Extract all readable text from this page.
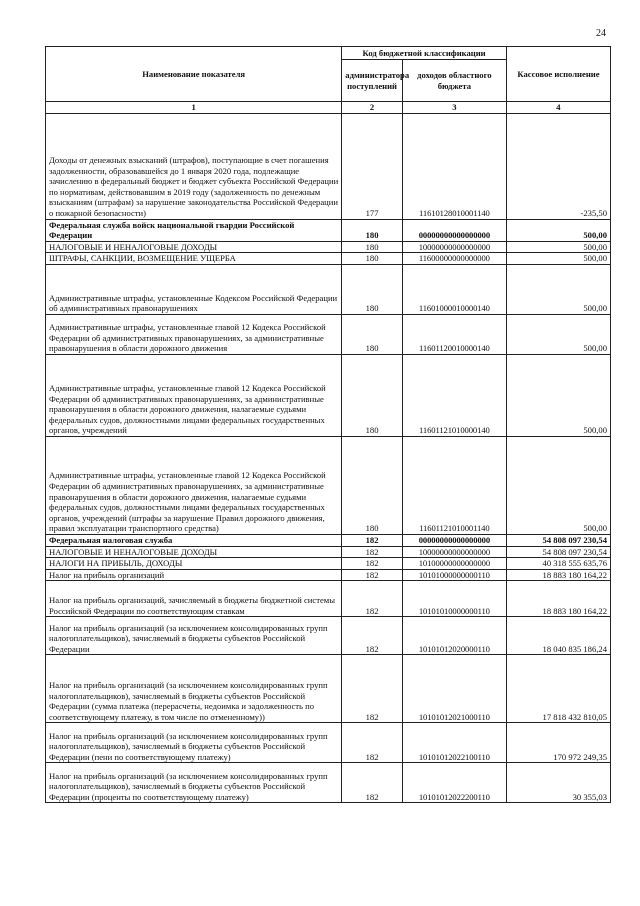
24
Наименование показателя	Код бюджетной классификации		Кассовое исполнение
	администратора поступлений	доходов областного бюджета	
1	2	3	4
Доходы от денежных взысканий (штрафов), поступающие в счет погашения задолженности, образовавшейся до 1 января 2020 года, подлежащие зачислению в федеральный бюджет и бюджет субъекта Российской Федерации по нормативам, действовавшим в 2019 году (задолженность по денежным взысканиям (штрафам) за нарушение законодательства Российской Федерации о пожарной безопасности)	177	11610128010001140	-235,50
Федеральная служба войск национальной гвардии Российской Федерации	180	00000000000000000	500,00
НАЛОГОВЫЕ И НЕНАЛОГОВЫЕ ДОХОДЫ	180	10000000000000000	500,00
ШТРАФЫ, САНКЦИИ, ВОЗМЕЩЕНИЕ УЩЕРБА	180	11600000000000000	500,00
Административные штрафы, установленные Кодексом Российской Федерации об административных правонарушениях	180	11601000010000140	500,00
Административные штрафы, установленные главой 12 Кодекса Российской Федерации об административных правонарушениях, за административные правонарушения в области дорожного движения	180	11601120010000140	500,00
Административные штрафы, установленные главой 12 Кодекса Российской Федерации об административных правонарушениях, за административные правонарушения в области дорожного движения, налагаемые судьями федеральных судов, должностными лицами федеральных государственных органов, учреждений	180	11601121010000140	500,00
Административные штрафы, установленные главой 12 Кодекса Российской Федерации об административных правонарушениях, за административные правонарушения в области дорожного движения, налагаемые судьями федеральных судов, должностными лицами федеральных государственных органов, учреждений (штрафы за нарушение Правил дорожного движения, правил эксплуатации транспортного средства)	180	11601121010001140	500,00
Федеральная налоговая служба	182	00000000000000000	54 808 097 230,54
НАЛОГОВЫЕ И НЕНАЛОГОВЫЕ ДОХОДЫ	182	10000000000000000	54 808 097 230,54
НАЛОГИ НА ПРИБЫЛЬ, ДОХОДЫ	182	10100000000000000	40 318 555 635,76
Налог на прибыль организаций	182	10101000000000110	18 883 180 164,22
Налог на прибыль организаций, зачисляемый в бюджеты бюджетной системы Российской Федерации по соответствующим ставкам	182	10101010000000110	18 883 180 164,22
Налог на прибыль организаций (за исключением консолидированных групп налогоплательщиков), зачисляемый в бюджеты субъектов Российской Федерации	182	10101012020000110	18 040 835 186,24
Налог на прибыль организаций (за исключением консолидированных групп налогоплательщиков), зачисляемый в бюджеты субъектов Российской Федерации (сумма платежа (перерасчеты, недоимка и задолженность по соответствующему платежу, в том числе по отмененному))	182	10101012021000110	17 818 432 810,05
Налог на прибыль организаций (за исключением консолидированных групп налогоплательщиков), зачисляемый в бюджеты субъектов Российской Федерации (пени по соответствующему платежу)	182	10101012022100110	170 972 249,35
Налог на прибыль организаций (за исключением консолидированных групп налогоплательщиков), зачисляемый в бюджеты субъектов Российской Федерации (проценты по соответствующему платежу)	182	10101012022200110	30 355,03
